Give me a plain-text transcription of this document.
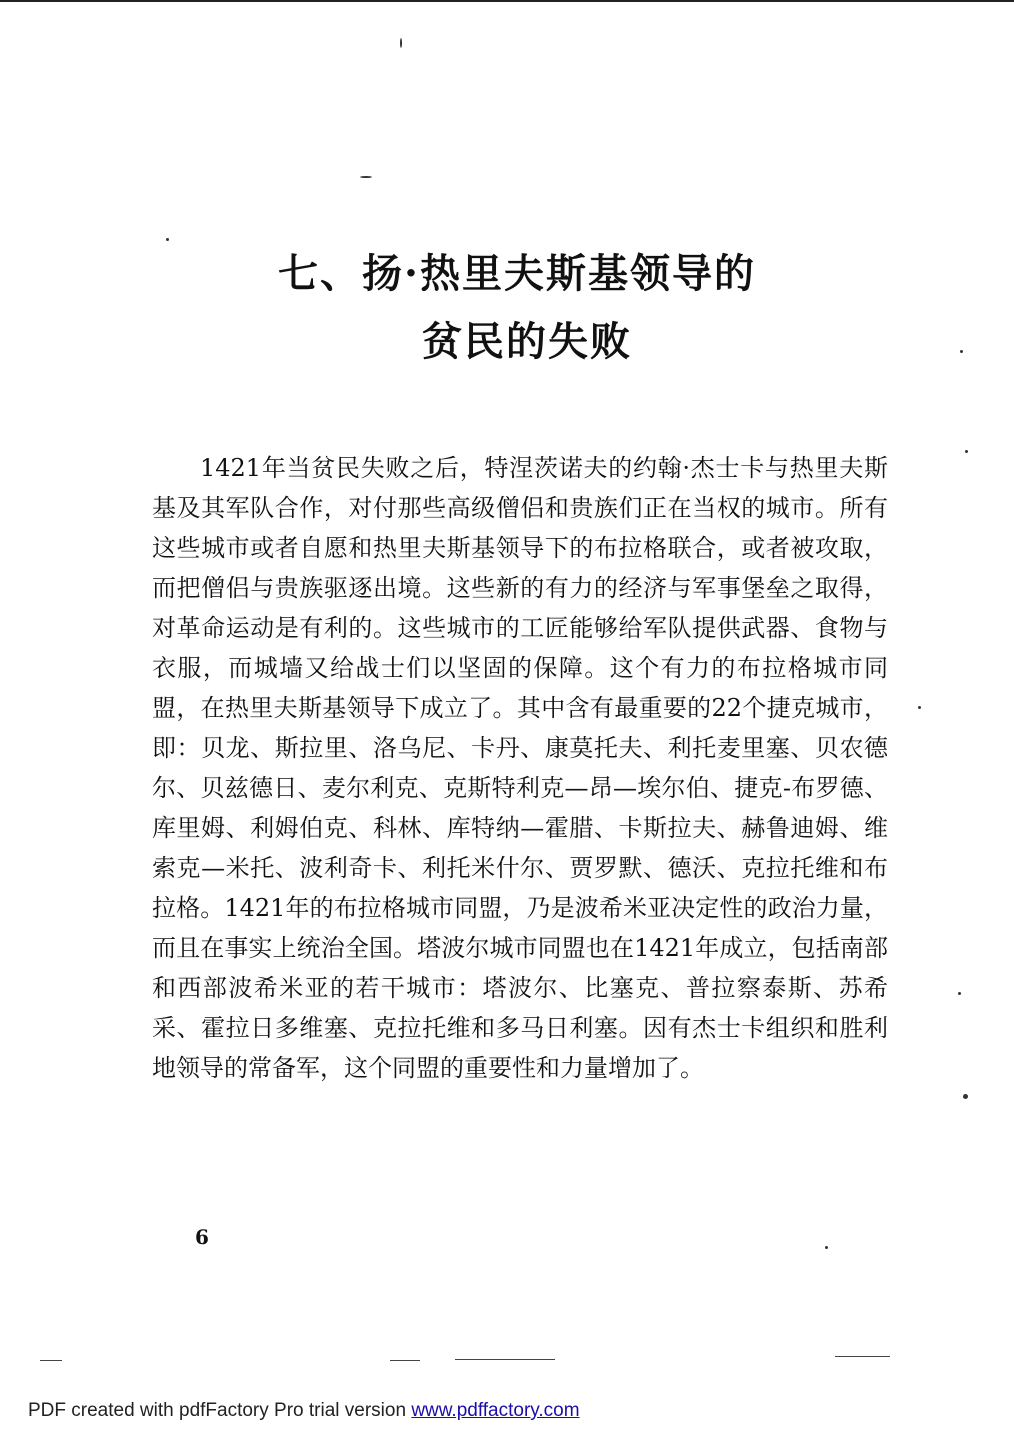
七、扬·热里夫斯基领导的
贫民的失败

1421年当贫民失败之后，特涅茨诺夫的约翰·杰士卡与热里夫斯基及其军队合作，对付那些高级僧侣和贵族们正在当权的城市。所有这些城市或者自愿和热里夫斯基领导下的布拉格联合，或者被攻取，而把僧侣与贵族驱逐出境。这些新的有力的经济与军事堡垒之取得，对革命运动是有利的。这些城市的工匠能够给军队提供武器、食物与衣服，而城墙又给战士们以坚固的保障。这个有力的布拉格城市同盟，在热里夫斯基领导下成立了。其中含有最重要的22个捷克城市，即：贝龙、斯拉里、洛乌尼、卡丹、康莫托夫、利托麦里塞、贝农德尔、贝兹德日、麦尔利克、克斯特利克—昂—埃尔伯、捷克-布罗德、库里姆、利姆伯克、科林、库特纳—霍腊、卡斯拉夫、赫鲁迪姆、维索克—米托、波利奇卡、利托米什尔、贾罗默、德沃、克拉托维和布拉格。1421年的布拉格城市同盟，乃是波希米亚决定性的政治力量，而且在事实上统治全国。塔波尔城市同盟也在1421年成立，包括南部和西部波希米亚的若干城市：塔波尔、比塞克、普拉察泰斯、苏希采、霍拉日多维塞、克拉托维和多马日利塞。因有杰士卡组织和胜利地领导的常备军，这个同盟的重要性和力量增加了。

6
PDF created with pdfFactory Pro trial version www.pdffactory.com
